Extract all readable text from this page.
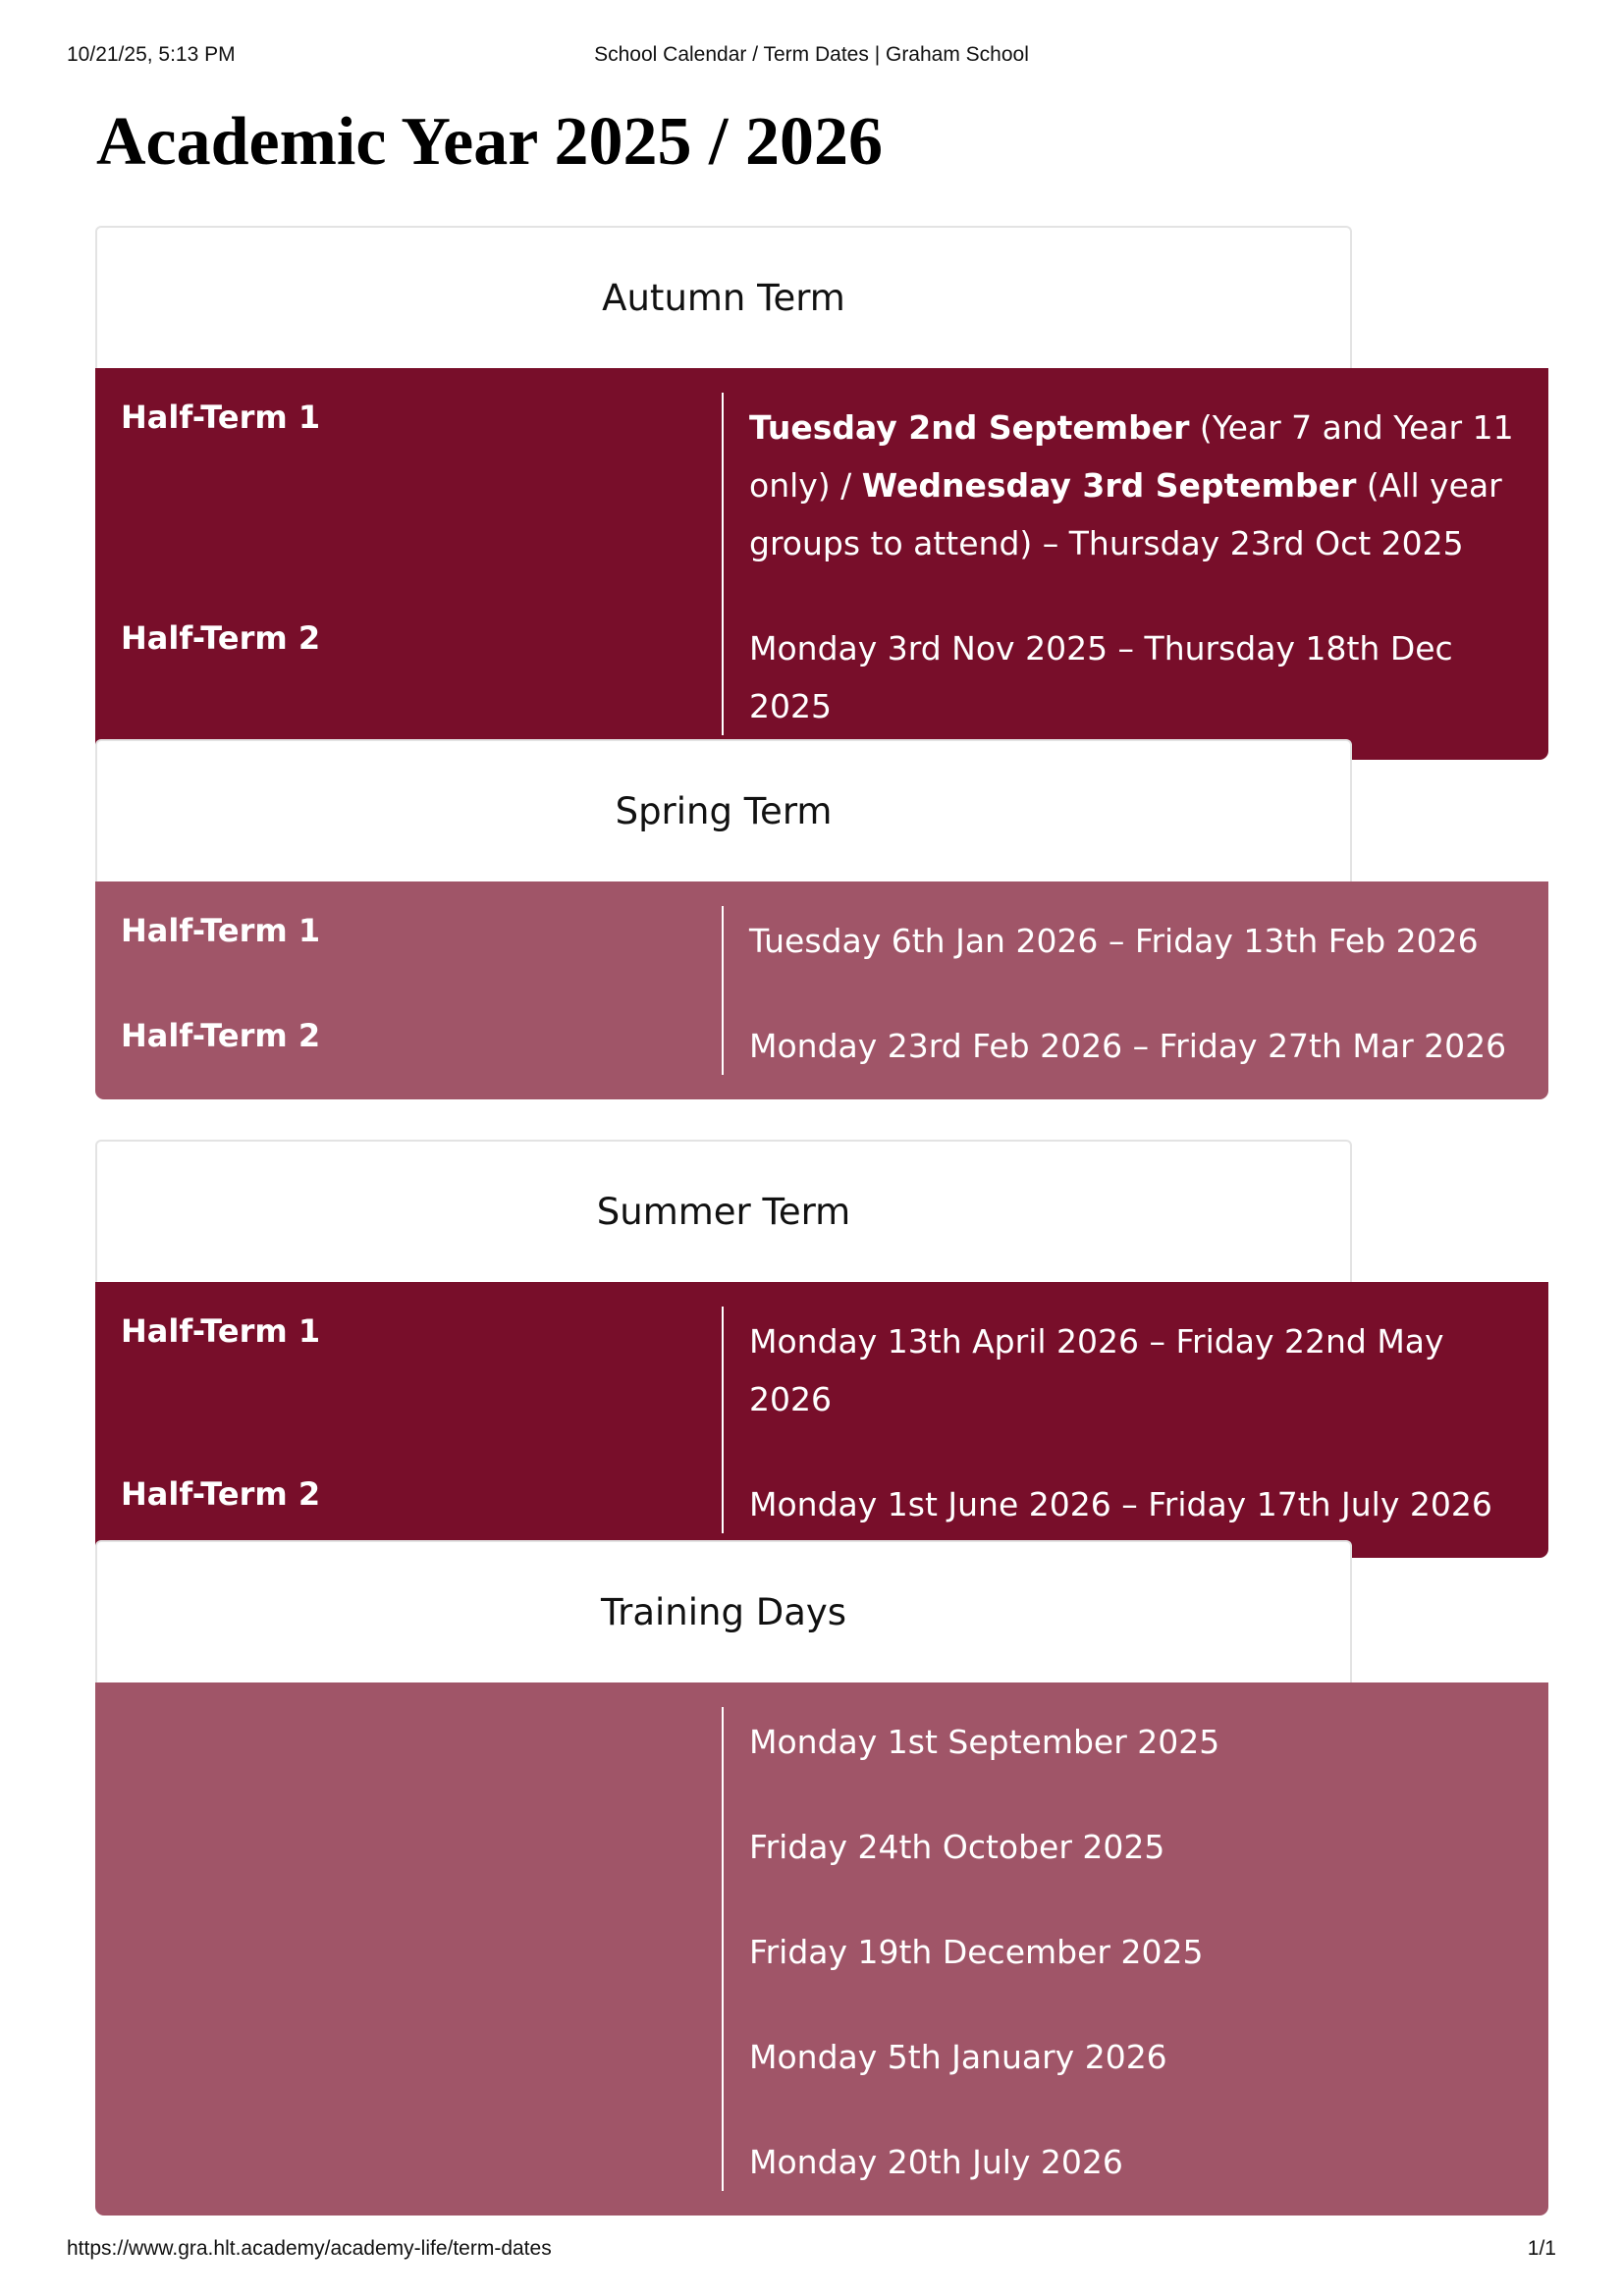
10/21/25, 5:13 PM	School Calendar / Term Dates | Graham School
Academic Year 2025 / 2026
Autumn Term
Half-Term 1	Tuesday 2nd September (Year 7 and Year 11 only) / Wednesday 3rd September (All year groups to attend) – Thursday 23rd Oct 2025
Half-Term 2	Monday 3rd Nov 2025 – Thursday 18th Dec 2025
Spring Term
Half-Term 1	Tuesday 6th Jan 2026 – Friday 13th Feb 2026
Half-Term 2	Monday 23rd Feb 2026 – Friday 27th Mar 2026
Summer Term
Half-Term 1	Monday 13th April 2026 – Friday 22nd May 2026
Half-Term 2	Monday 1st June 2026 – Friday 17th July 2026
Training Days
Monday 1st September 2025
Friday 24th October 2025
Friday 19th December 2025
Monday 5th January 2026
Monday 20th July 2026
https://www.gra.hlt.academy/academy-life/term-dates	1/1
